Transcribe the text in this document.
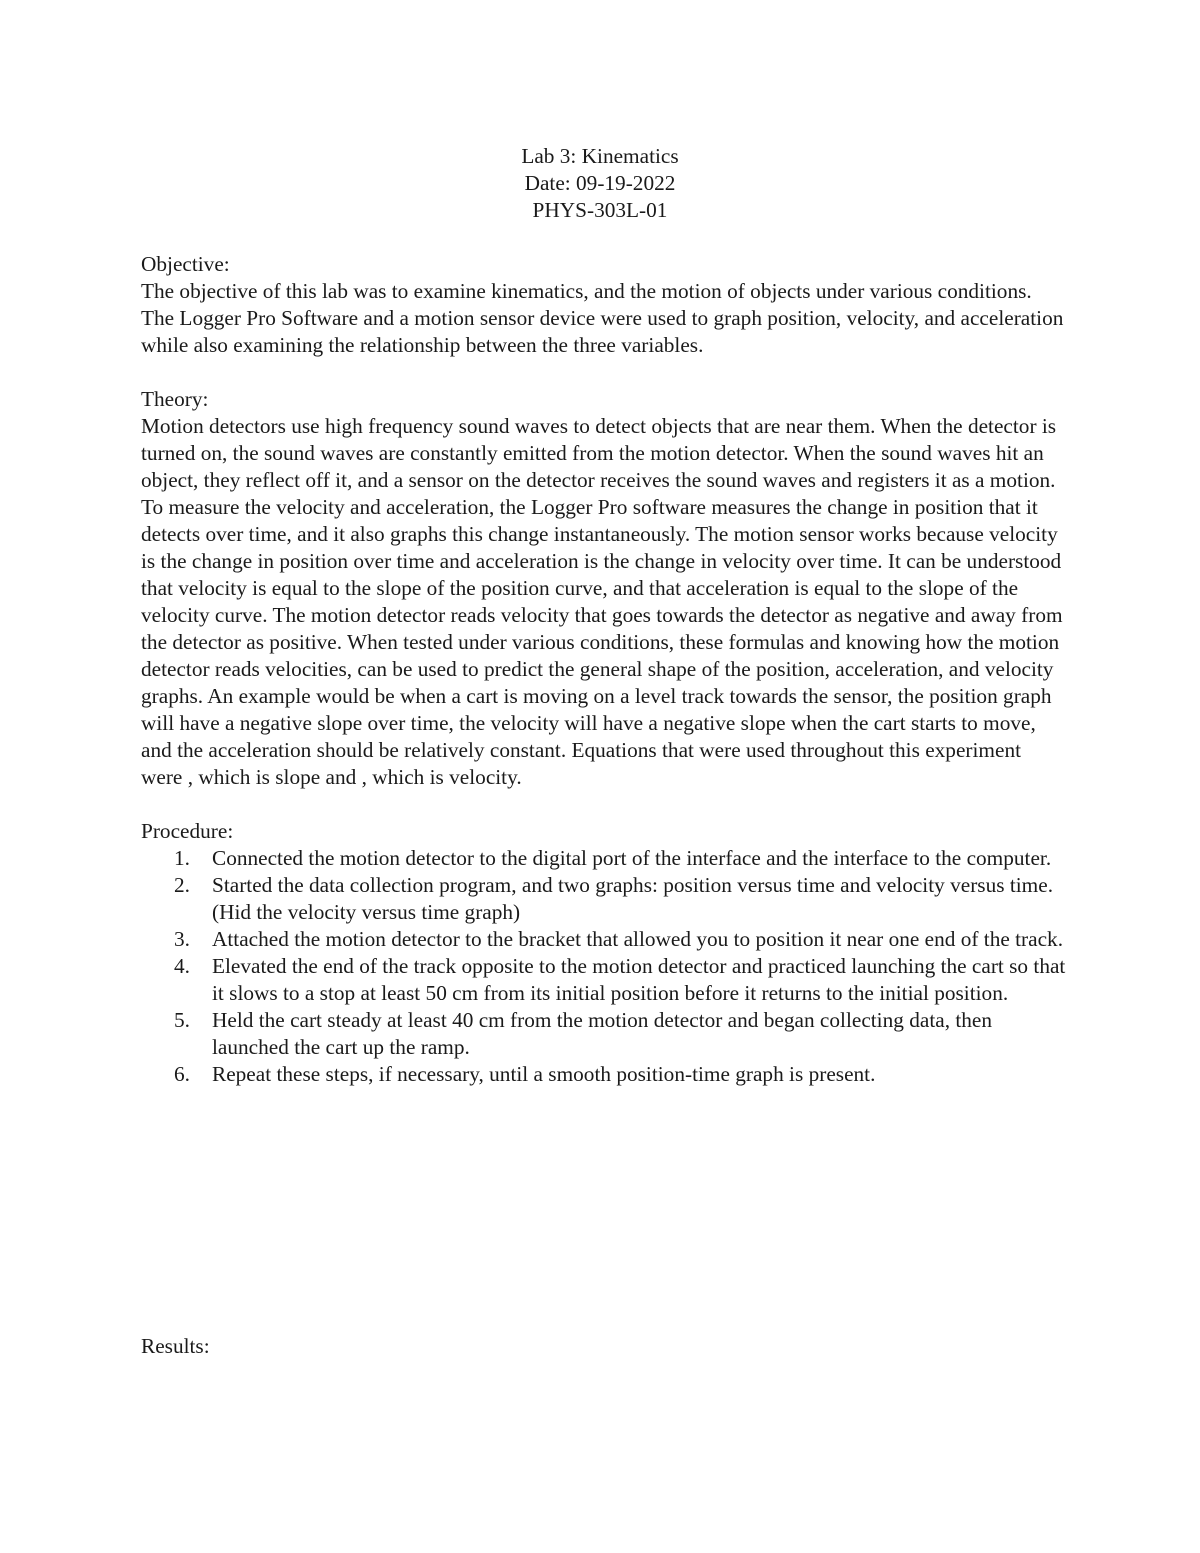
Lab 3: Kinematics
Date: 09-19-2022
PHYS-303L-01
Objective:

The objective of this lab was to examine kinematics, and the motion of objects under various conditions. The Logger Pro Software and a motion sensor device were used to graph position, velocity, and acceleration while also examining the relationship between the three variables.

Theory:

Motion detectors use high frequency sound waves to detect objects that are near them. When the detector is turned on, the sound waves are constantly emitted from the motion detector. When the sound waves hit an object, they reflect off it, and a sensor on the detector receives the sound waves and registers it as a motion. To measure the velocity and acceleration, the Logger Pro software measures the change in position that it detects over time, and it also graphs this change instantaneously. The motion sensor works because velocity is the change in position over time and acceleration is the change in velocity over time. It can be understood that velocity is equal to the slope of the position curve, and that acceleration is equal to the slope of the velocity curve. The motion detector reads velocity that goes towards the detector as negative and away from the detector as positive. When tested under various conditions, these formulas and knowing how the motion detector reads velocities, can be used to predict the general shape of the position, acceleration, and velocity graphs. An example would be when a cart is moving on a level track towards the sensor, the position graph will have a negative slope over time, the velocity will have a negative slope when the cart starts to move, and the acceleration should be relatively constant. Equations that were used throughout this experiment were , which is slope and , which is velocity.

Procedure:
1. Connected the motion detector to the digital port of the interface and the interface to the computer.
2. Started the data collection program, and two graphs: position versus time and velocity versus time. (Hid the velocity versus time graph)
3. Attached the motion detector to the bracket that allowed you to position it near one end of the track.
4. Elevated the end of the track opposite to the motion detector and practiced launching the cart so that it slows to a stop at least 50 cm from its initial position before it returns to the initial position.
5. Held the cart steady at least 40 cm from the motion detector and began collecting data, then launched the cart up the ramp.
6. Repeat these steps, if necessary, until a smooth position-time graph is present.
Results:
